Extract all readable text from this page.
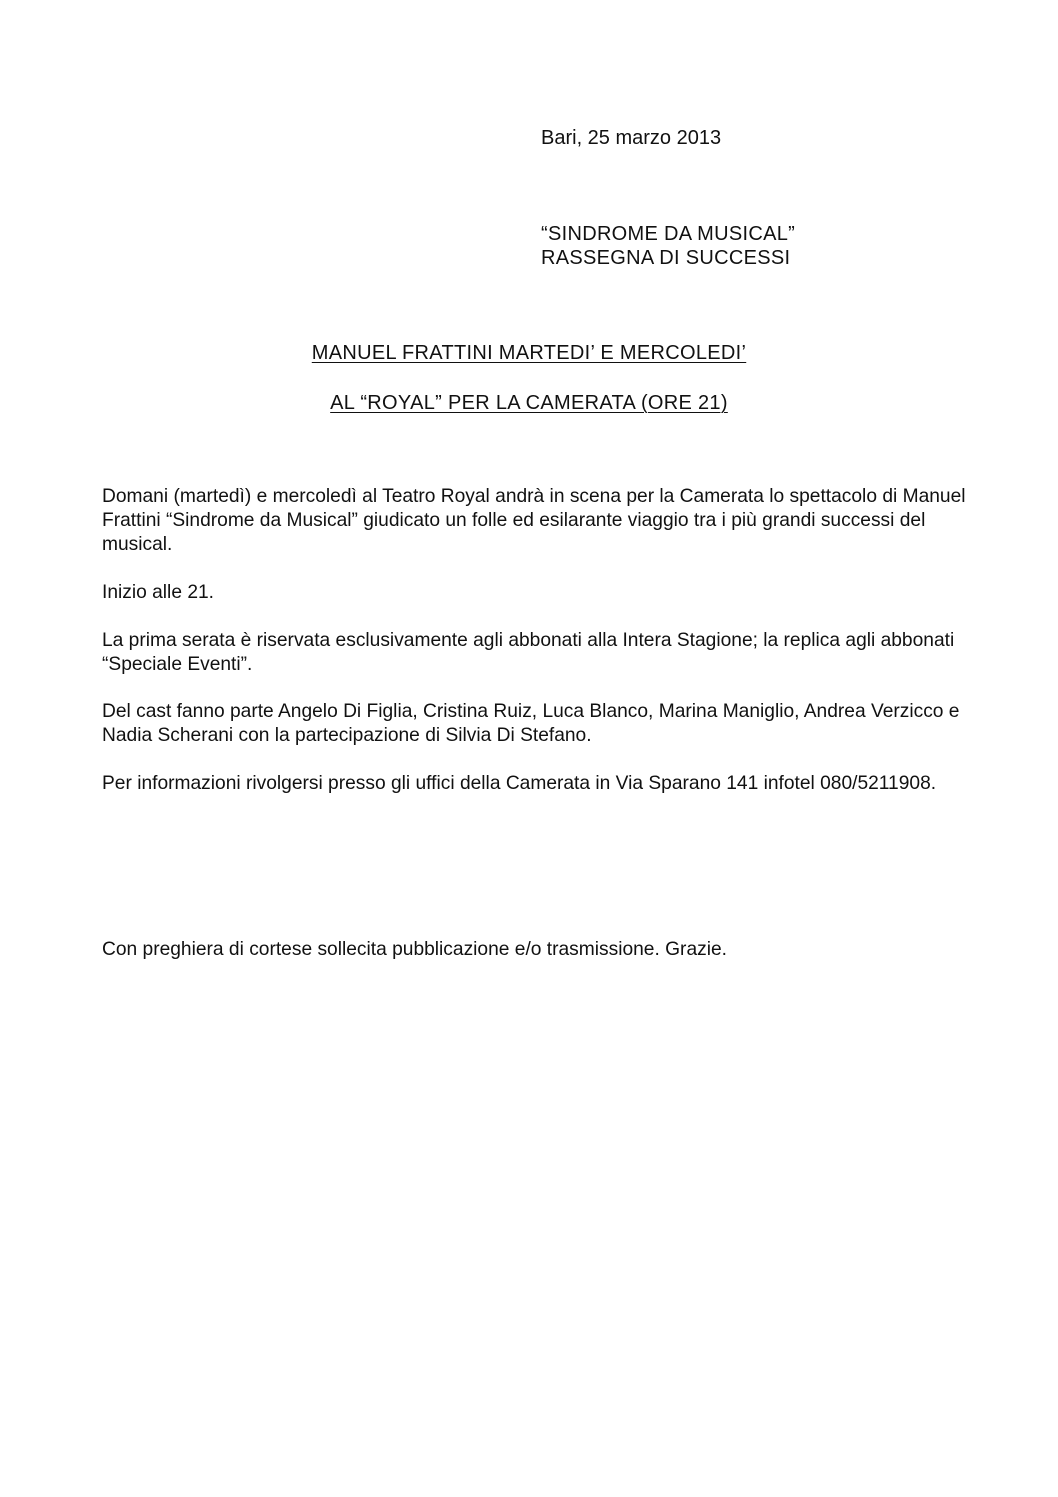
Bari, 25 marzo 2013

“SINDROME DA MUSICAL”
RASSEGNA DI SUCCESSI

MANUEL FRATTINI MARTEDI’ E MERCOLEDI’
AL “ROYAL” PER LA CAMERATA (ORE 21)

Domani (martedì) e mercoledì al Teatro Royal andrà in scena per la Camerata lo spettacolo di Manuel Frattini “Sindrome da Musical” giudicato un folle ed esilarante viaggio tra i più grandi successi del musical.

Inizio alle 21.

La prima serata è riservata esclusivamente agli abbonati alla Intera Stagione; la replica agli abbonati “Speciale Eventi”.

Del cast fanno parte Angelo Di Figlia, Cristina Ruiz, Luca Blanco, Marina Maniglio, Andrea Verzicco e Nadia Scherani con la partecipazione di Silvia Di Stefano.

Per informazioni rivolgersi presso gli uffici della Camerata in Via Sparano 141 infotel 080/5211908.

Con preghiera di cortese sollecita pubblicazione e/o trasmissione. Grazie.
